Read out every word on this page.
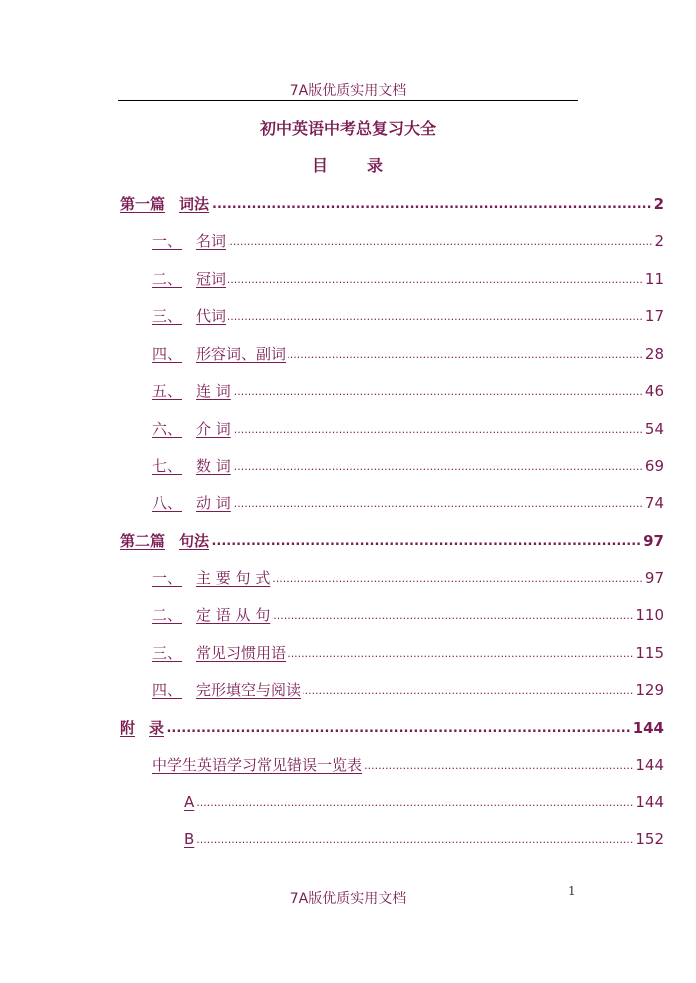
7A版优质实用文档
初中英语中考总复习大全
目 录
第一篇 词法 .....	2
一、 名词 .....	2
二、 冠词 .....	11
三、 代词 .....	17
四、 形容词、副词 .....	28
五、 连 词 .....	46
六、 介 词 .....	54
七、 数 词 .....	69
八、 动 词 .....	74
第二篇 句法 .....	97
一、 主 要 句 式 .....	97
二、 定 语 从 句 .....	110
三、 常见习惯用语 .....	115
四、 完形填空与阅读 .....	129
附 录 .....	144
中学生英语学习常见错误一览表 .....	144
A .....	144
B .....	152
7A版优质实用文档	1
